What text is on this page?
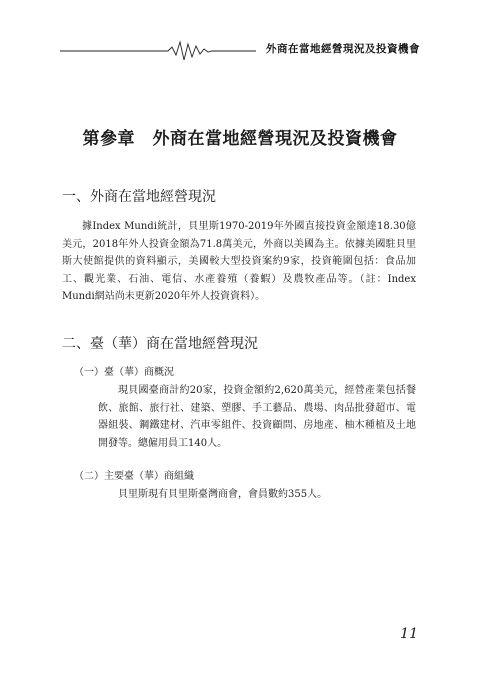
外商在當地經營現況及投資機會
第參章　外商在當地經營現況及投資機會
一、外商在當地經營現況
據Index Mundi統計，貝里斯1970-2019年外國直接投資金額達18.30億美元，2018年外人投資金額為71.8萬美元，外商以美國為主。依據美國駐貝里斯大使館提供的資料顯示，美國較大型投資案約9家，投資範圍包括：食品加工、觀光業、石油、電信、水產養殖（養蝦）及農牧產品等。（註：Index Mundi網站尚未更新2020年外人投資資料）。
二、臺（華）商在當地經營現況
（一）臺（華）商概況
現貝國臺商計約20家，投資金額約2,620萬美元，經營產業包括餐飲、旅館、旅行社、建築、塑膠、手工藝品、農場、肉品批發超市、電器組裝、鋼鐵建材、汽車零組件、投資顧問、房地產、柚木種植及土地開發等。總僱用員工140人。
（二）主要臺（華）商組織
貝里斯現有貝里斯臺灣商會，會員數約355人。
11
